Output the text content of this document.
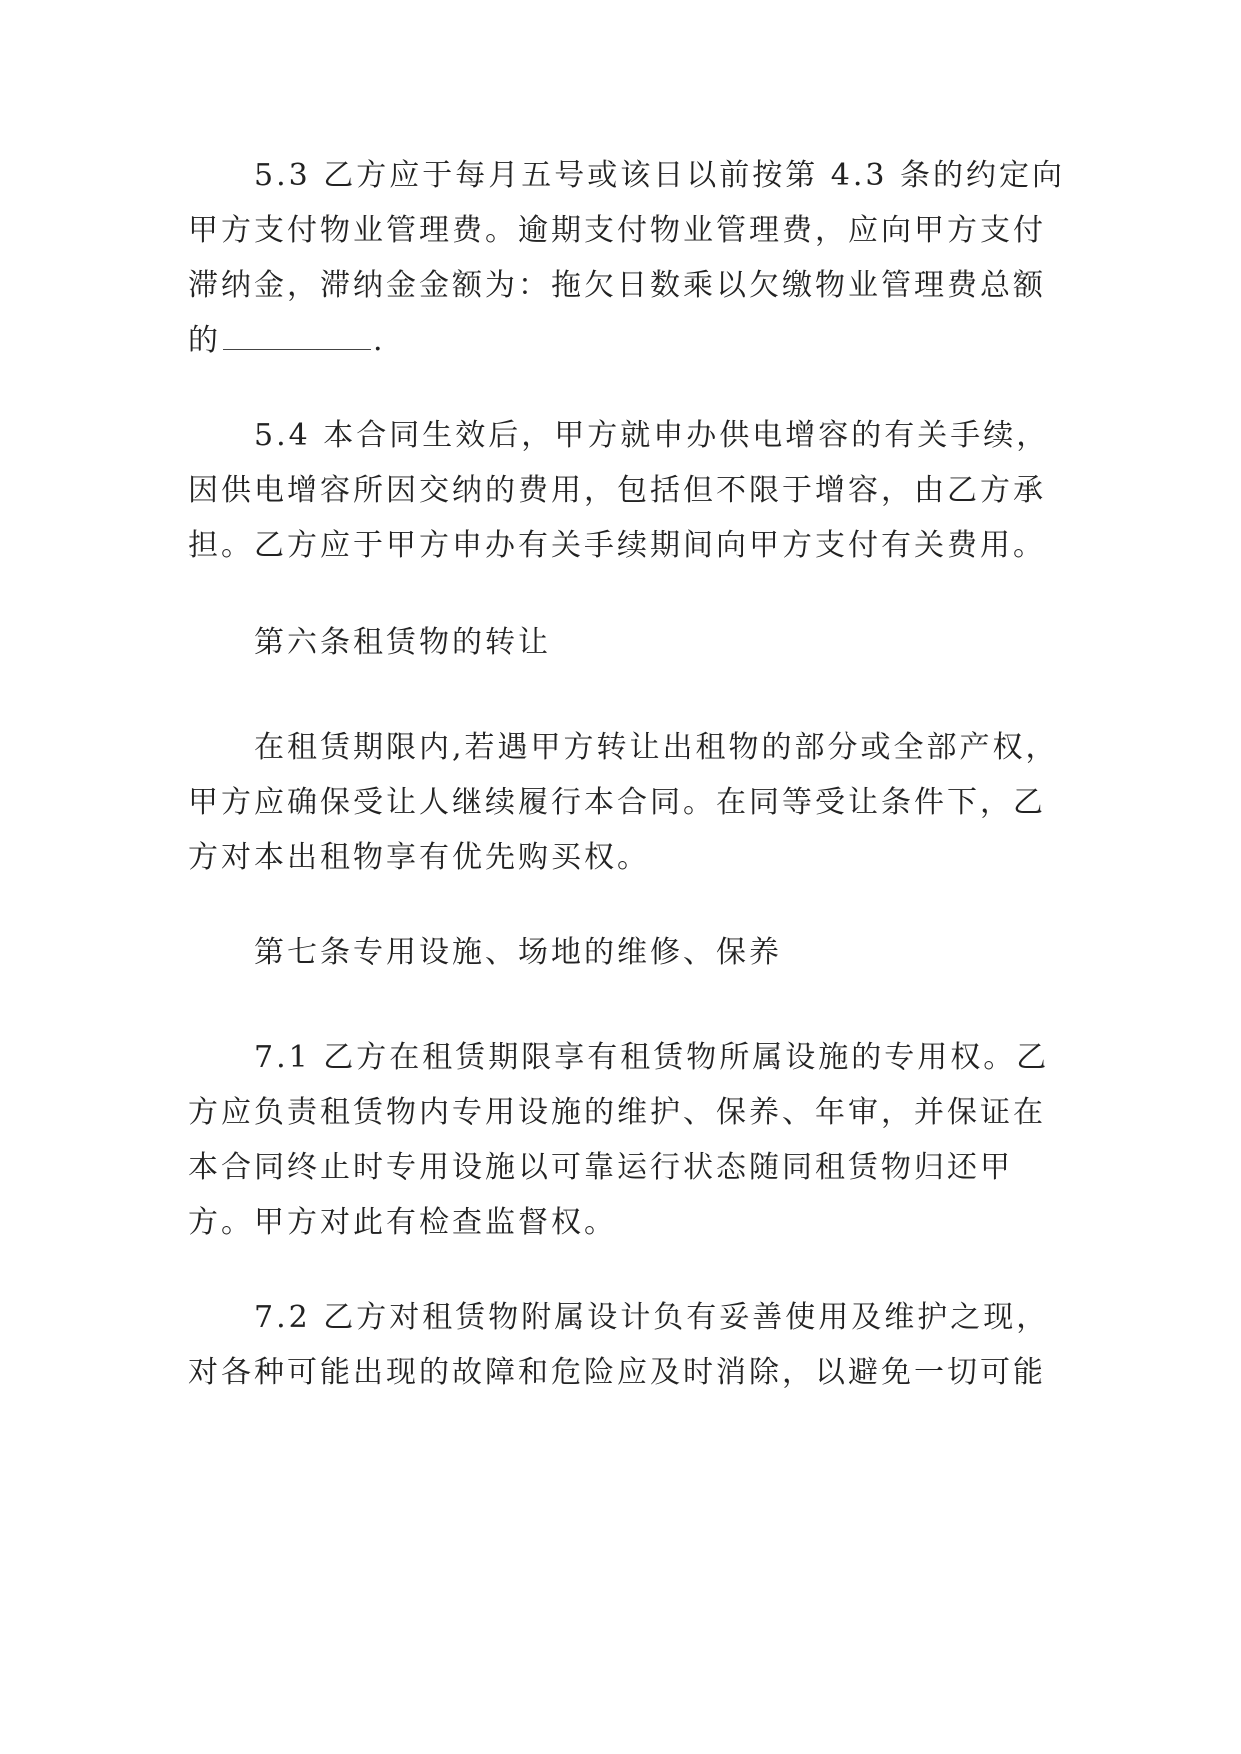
5.3 乙方应于每月五号或该日以前按第 4.3 条的约定向
甲方支付物业管理费。逾期支付物业管理费，应向甲方支付
滞纳金，滞纳金金额为：拖欠日数乘以欠缴物业管理费总额
的	.
5.4 本合同生效后，甲方就申办供电增容的有关手续，
因供电增容所因交纳的费用，包括但不限于增容，由乙方承
担。乙方应于甲方申办有关手续期间向甲方支付有关费用。
第六条租赁物的转让
在租赁期限内,若遇甲方转让出租物的部分或全部产权，
甲方应确保受让人继续履行本合同。在同等受让条件下，乙
方对本出租物享有优先购买权。
第七条专用设施、场地的维修、保养
7.1 乙方在租赁期限享有租赁物所属设施的专用权。乙
方应负责租赁物内专用设施的维护、保养、年审，并保证在
本合同终止时专用设施以可靠运行状态随同租赁物归还甲
方。甲方对此有检查监督权。
7.2 乙方对租赁物附属设计负有妥善使用及维护之现，
对各种可能出现的故障和危险应及时消除，以避免一切可能
